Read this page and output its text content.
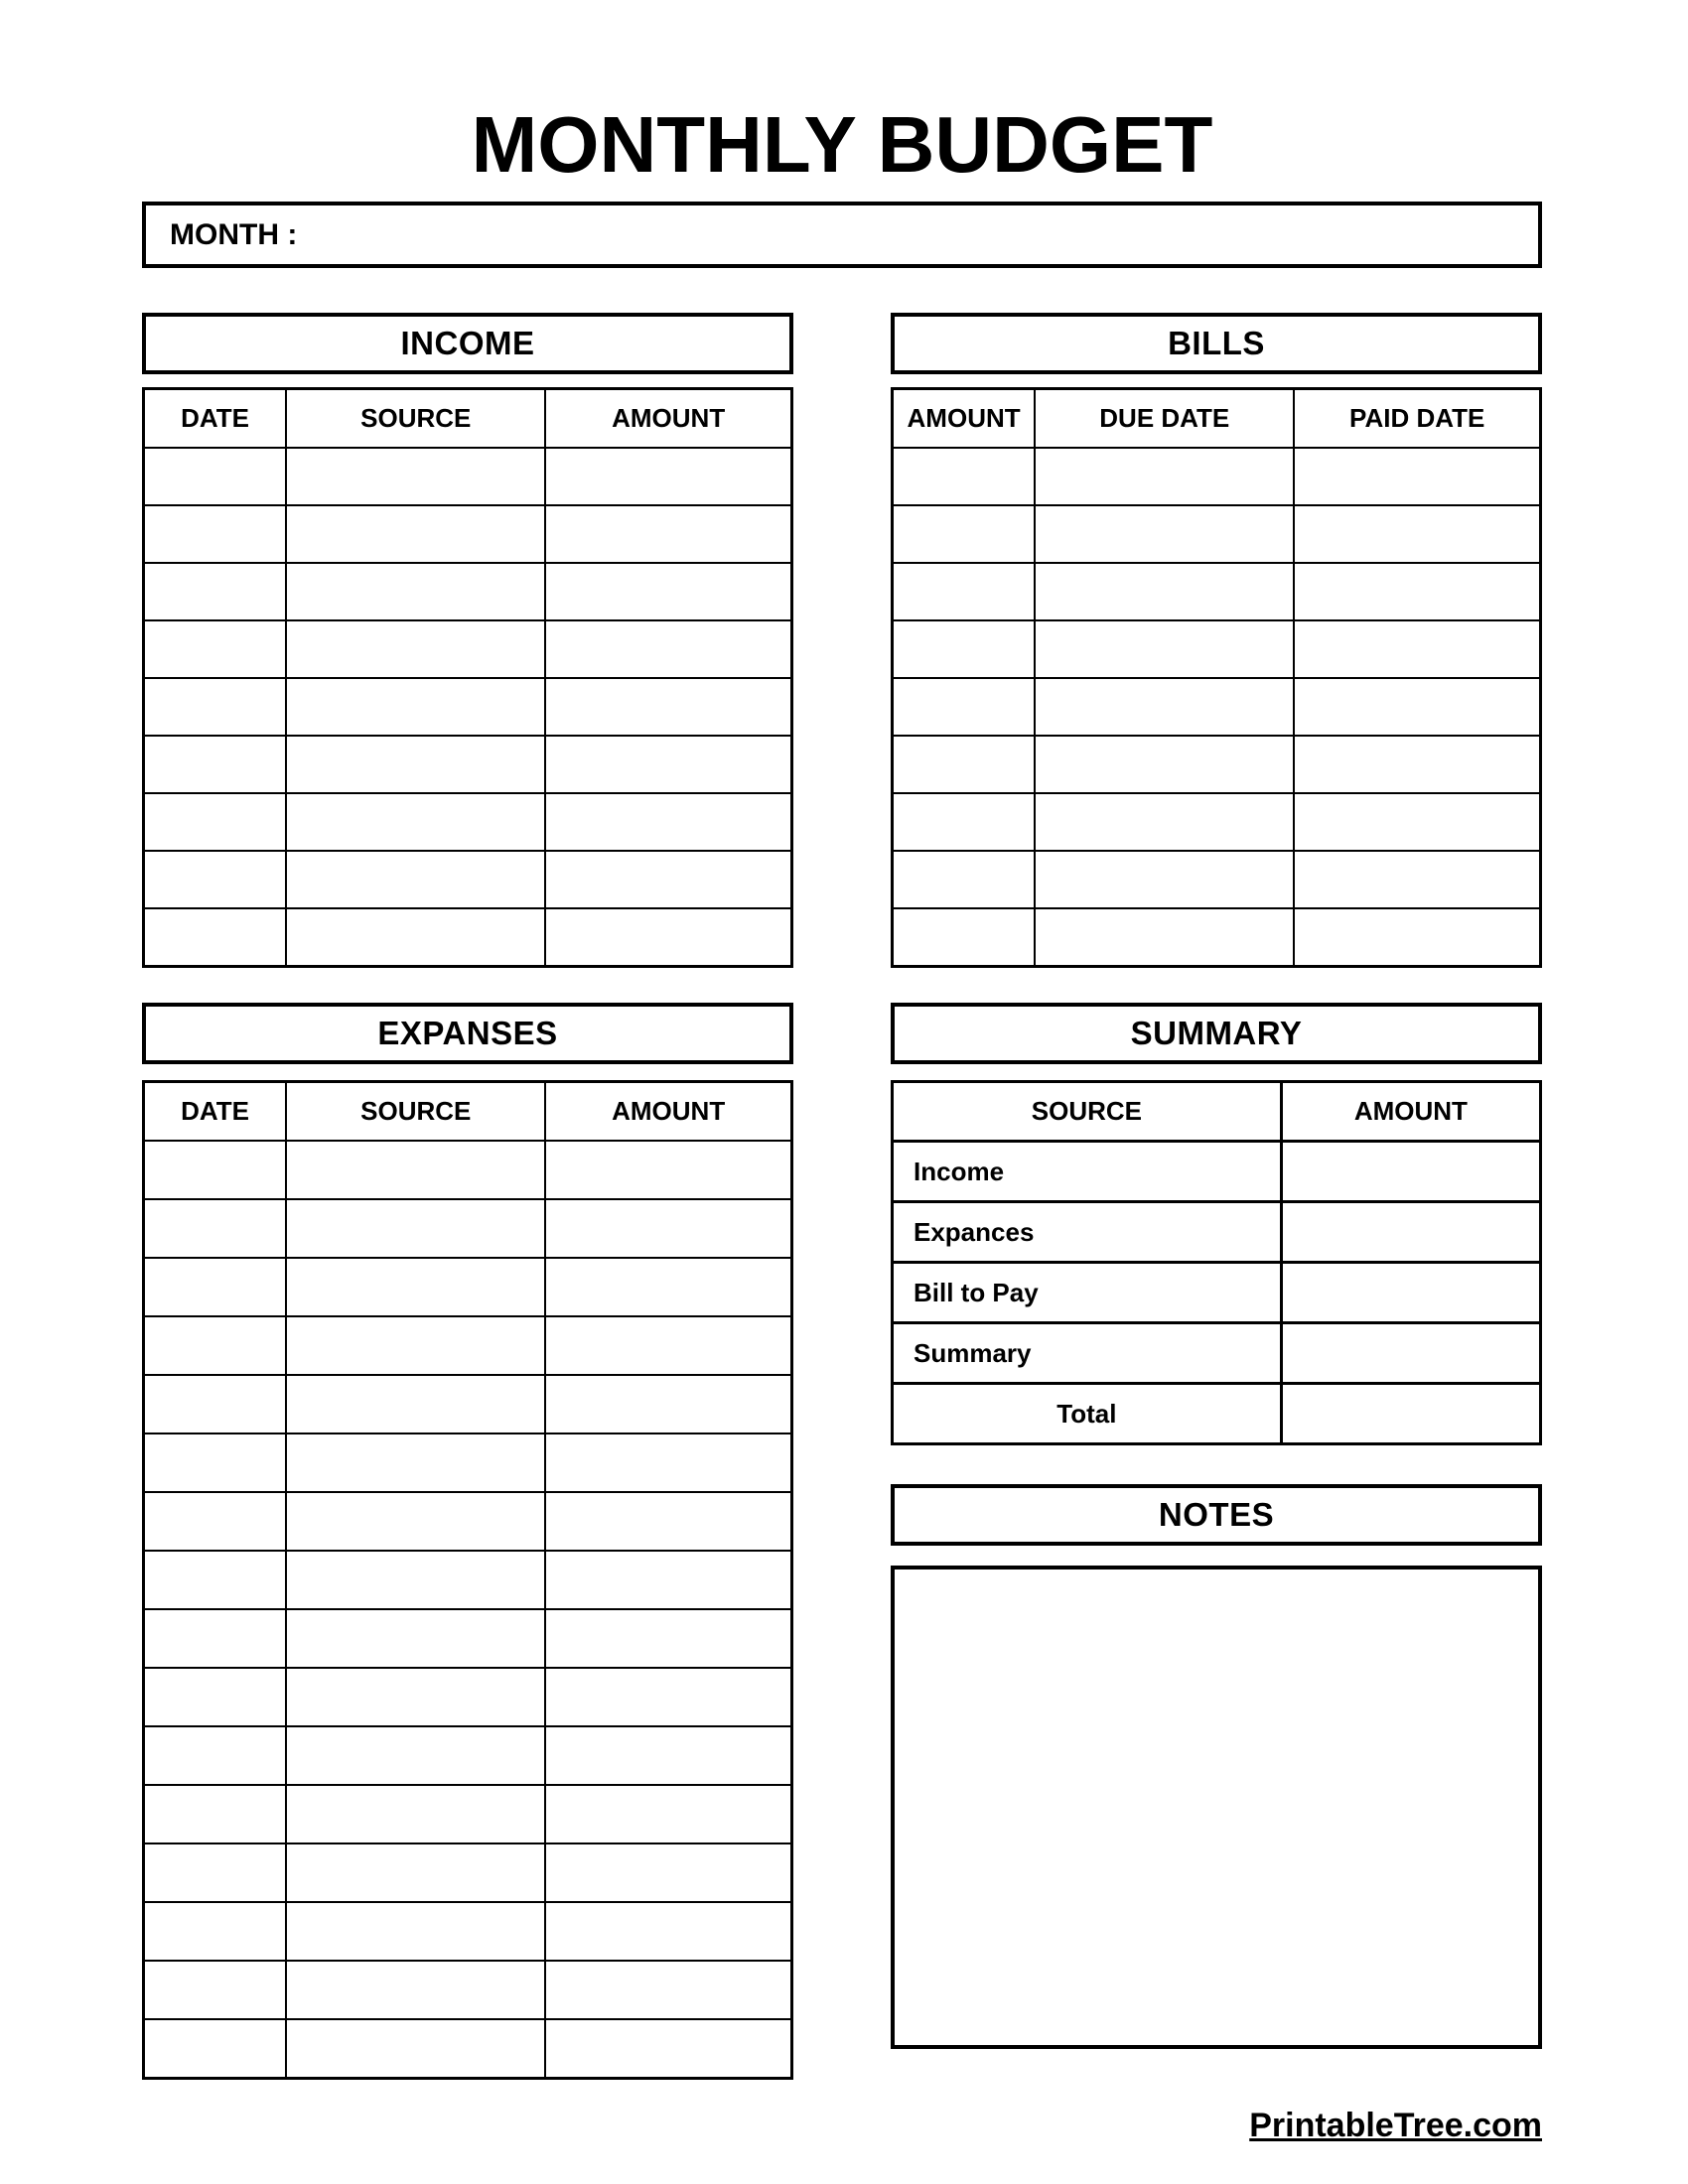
MONTHLY BUDGET
MONTH :
INCOME
DATE	SOURCE	AMOUNT

BILLS
AMOUNT	DUE DATE	PAID DATE

EXPANSES
DATE	SOURCE	AMOUNT

SUMMARY
SOURCE	AMOUNT
Income	
Expances	
Bill to Pay	
Summary	
Total	
NOTES
PrintableTree.com
